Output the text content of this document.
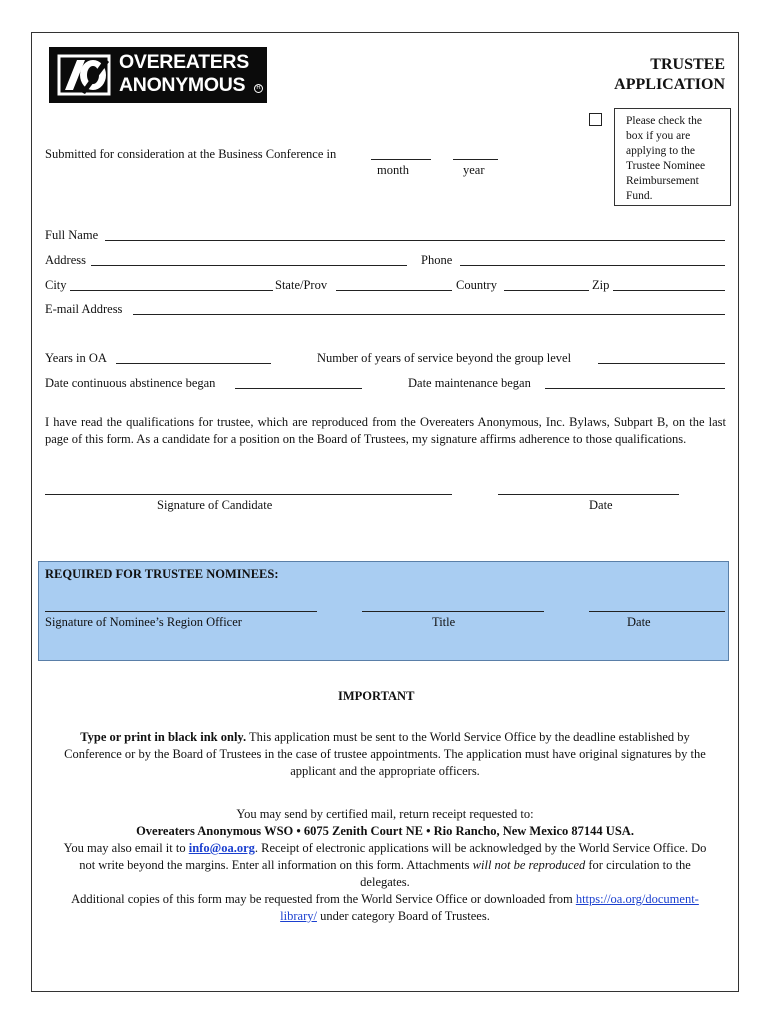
OVEREATERS
ANONYMOUS	R
TRUSTEE
APPLICATION
Please check the
box if you are
applying to the
Trustee Nominee
Reimbursement
Fund.
Submitted for consideration at the Business Conference in
month	year
Full Name
Address	Phone
City	State/Prov	Country	Zip
E-mail Address
Years in OA	Number of years of service beyond the group level
Date continuous abstinence began	Date maintenance began
I have read the qualifications for trustee, which are reproduced from the Overeaters Anonymous, Inc. Bylaws, Subpart B, on the last page of this form. As a candidate for a position on the Board of Trustees, my signature affirms adherence to those qualifications.
Signature of Candidate	Date
REQUIRED FOR TRUSTEE NOMINEES:
Signature of Nominee’s Region Officer	Title	Date
IMPORTANT
Type or print in black ink only. This application must be sent to the World Service Office by the deadline established by Conference or by the Board of Trustees in the case of trustee appointments. The application must have original signatures by the applicant and the appropriate officers.
You may send by certified mail, return receipt requested to:
Overeaters Anonymous WSO • 6075 Zenith Court NE • Rio Rancho, New Mexico 87144 USA.
You may also email it to info@oa.org. Receipt of electronic applications will be acknowledged by the World Service Office. Do not write beyond the margins. Enter all information on this form. Attachments will not be reproduced for circulation to the delegates.
Additional copies of this form may be requested from the World Service Office or downloaded from https://oa.org/document-library/ under category Board of Trustees.
